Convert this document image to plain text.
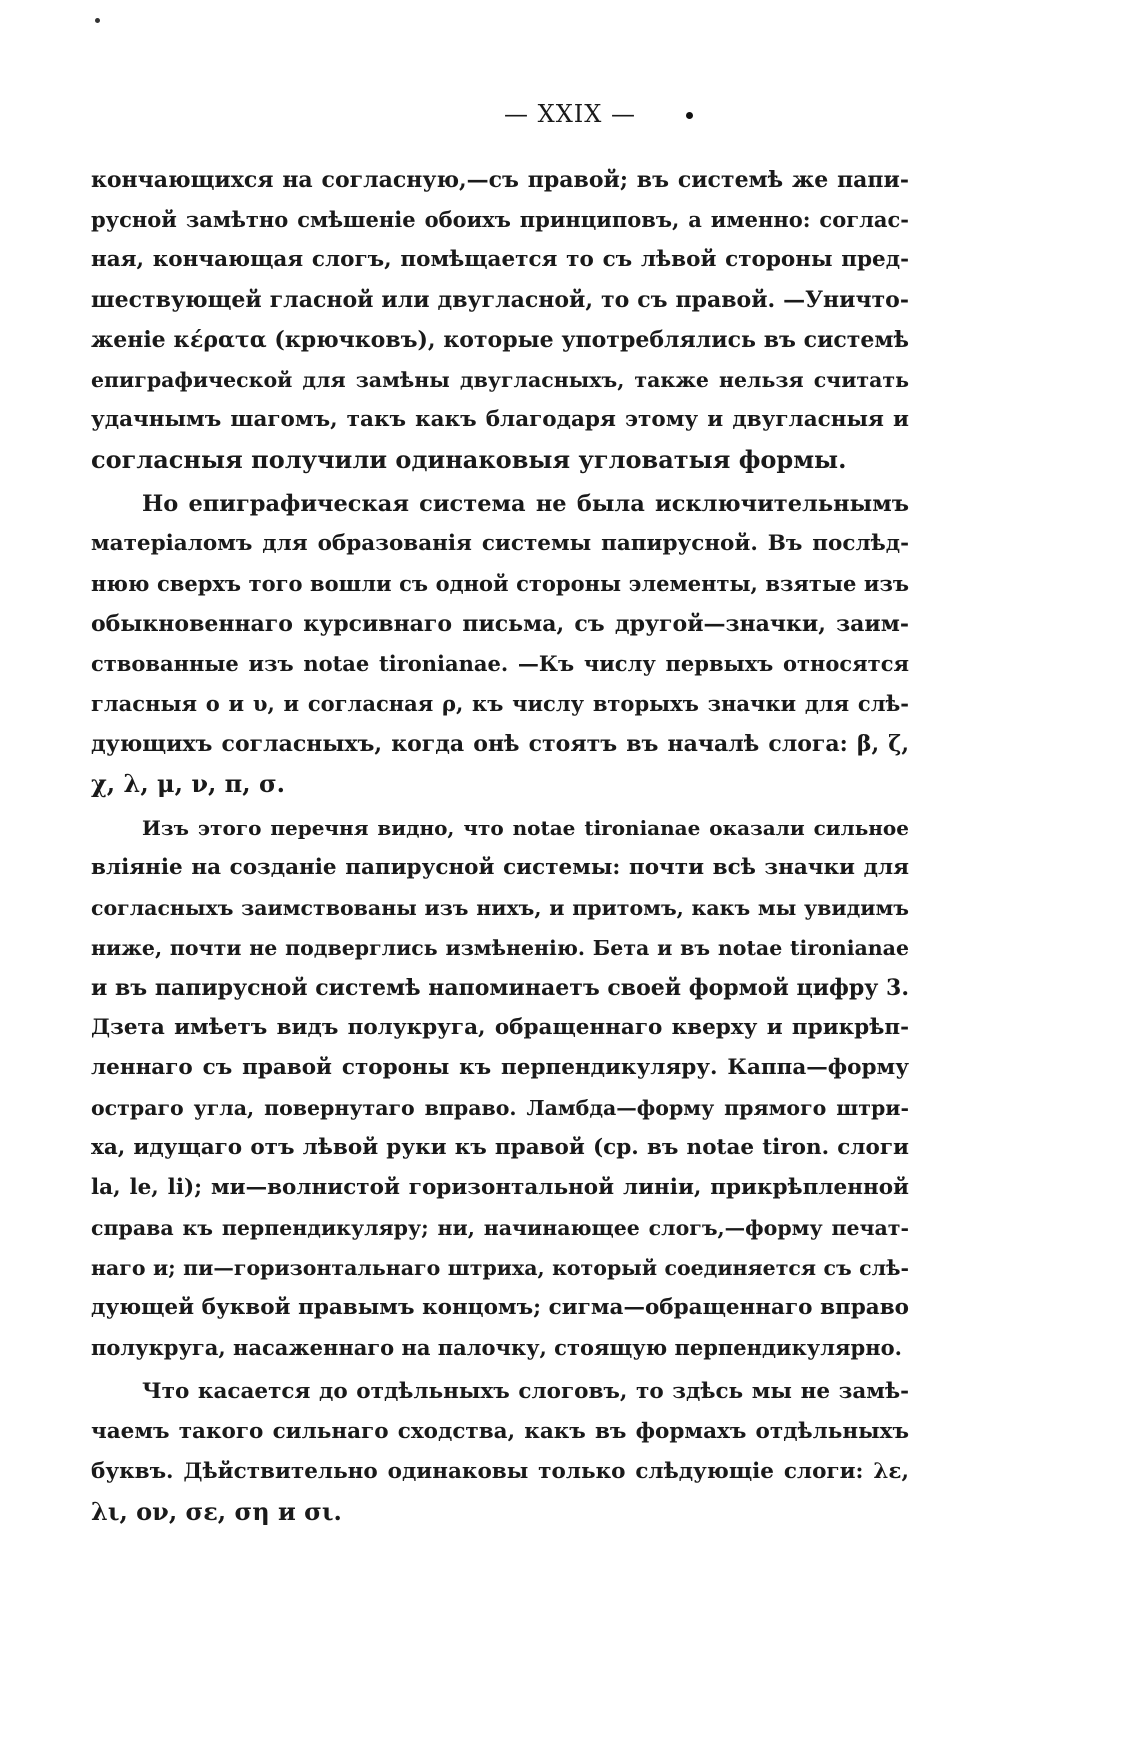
— XXIX —
кончающихся на согласную,—съ правой; въ системѣ же папи-
русной замѣтно смѣшеніе обоихъ принциповъ, а именно: соглас-
ная, кончающая слогъ, помѣщается то съ лѣвой стороны пред-
шествующей гласной или двугласной, то съ правой. —Уничто-
женіе κέρατα (крючковъ), которые употреблялись въ системѣ
епиграфической для замѣны двугласныхъ, также нельзя считать
удачнымъ шагомъ, такъ какъ благодаря этому и двугласныя и
согласныя получили одинаковыя угловатыя формы.
Но епиграфическая система не была исключительнымъ
матеріаломъ для образованія системы папирусной. Въ послѣд-
нюю сверхъ того вошли съ одной стороны элементы, взятые изъ
обыкновеннаго курсивнаго письма, съ другой—значки, заим-
ствованные изъ notae tironianae. —Къ числу первыхъ относятся
гласныя ο и υ, и согласная ρ, къ числу вторыхъ значки для слѣ-
дующихъ согласныхъ, когда онѣ стоятъ въ началѣ слога: β, ζ,
χ, λ, μ, ν, π, σ.
Изъ этого перечня видно, что notae tironianae оказали сильное
вліяніе на созданіе папирусной системы: почти всѣ значки для
согласныхъ заимствованы изъ нихъ, и притомъ, какъ мы увидимъ
ниже, почти не подверглись измѣненію. Бета и въ notae tironianae
и въ папирусной системѣ напоминаетъ своей формой цифру 3.
Дзета имѣетъ видъ полукруга, обращеннаго кверху и прикрѣп-
леннаго съ правой стороны къ перпендикуляру. Каппа—форму
остраго угла, повернутаго вправо. Ламбда—форму прямого штри-
ха, идущаго отъ лѣвой руки къ правой (ср. въ notae tiron. слоги
la, le, li); ми—волнистой горизонтальной линіи, прикрѣпленной
справа къ перпендикуляру; ни, начинающее слогъ,—форму печат-
наго и; пи—горизонтальнаго штриха, который соединяется съ слѣ-
дующей буквой правымъ концомъ; сигма—обращеннаго вправо
полукруга, насаженнаго на палочку, стоящую перпендикулярно.
Что касается до отдѣльныхъ слоговъ, то здѣсь мы не замѣ-
чаемъ такого сильнаго сходства, какъ въ формахъ отдѣльныхъ
буквъ. Дѣйствительно одинаковы только слѣдующіе слоги: λε,
λι, ον, σε, ση и σι.
